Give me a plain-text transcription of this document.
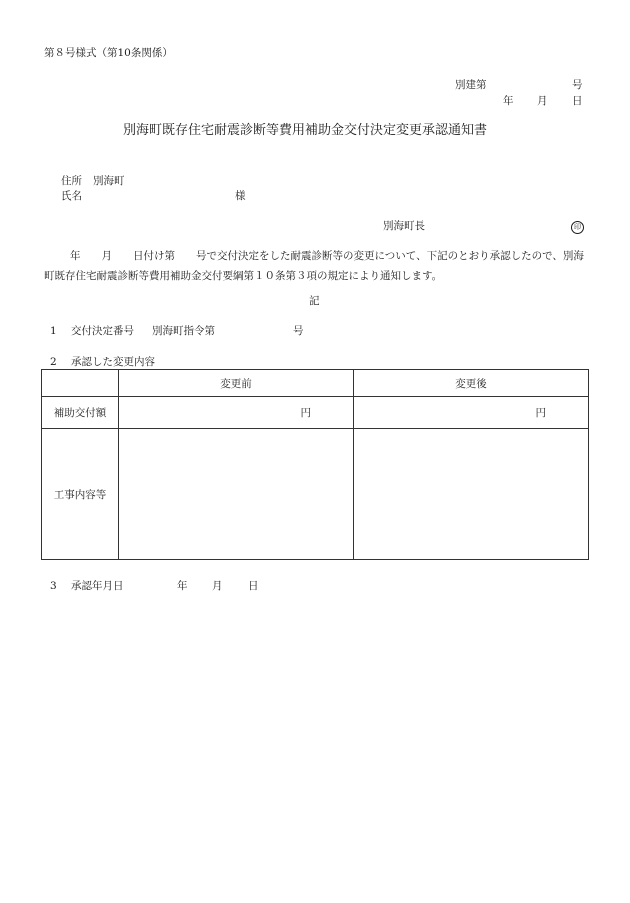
第８号様式（第10条関係）
別建第	号
年 月 日
別海町既存住宅耐震診断等費用補助金交付決定変更承認通知書
住所 別海町
氏名	様
別海町長	印
年　　月　　日付け第　　号で交付決定をした耐震診断等の変更について、下記のとおり承認したので、別海町既存住宅耐震診断等費用補助金交付要綱第１０条第３項の規定により通知します。
記
1 交付決定番号 別海町指令第	号
2 承認した変更内容
	変更前	変更後
補助交付額	円	円
工事内容等		
3 承認年月日	年 月 日
